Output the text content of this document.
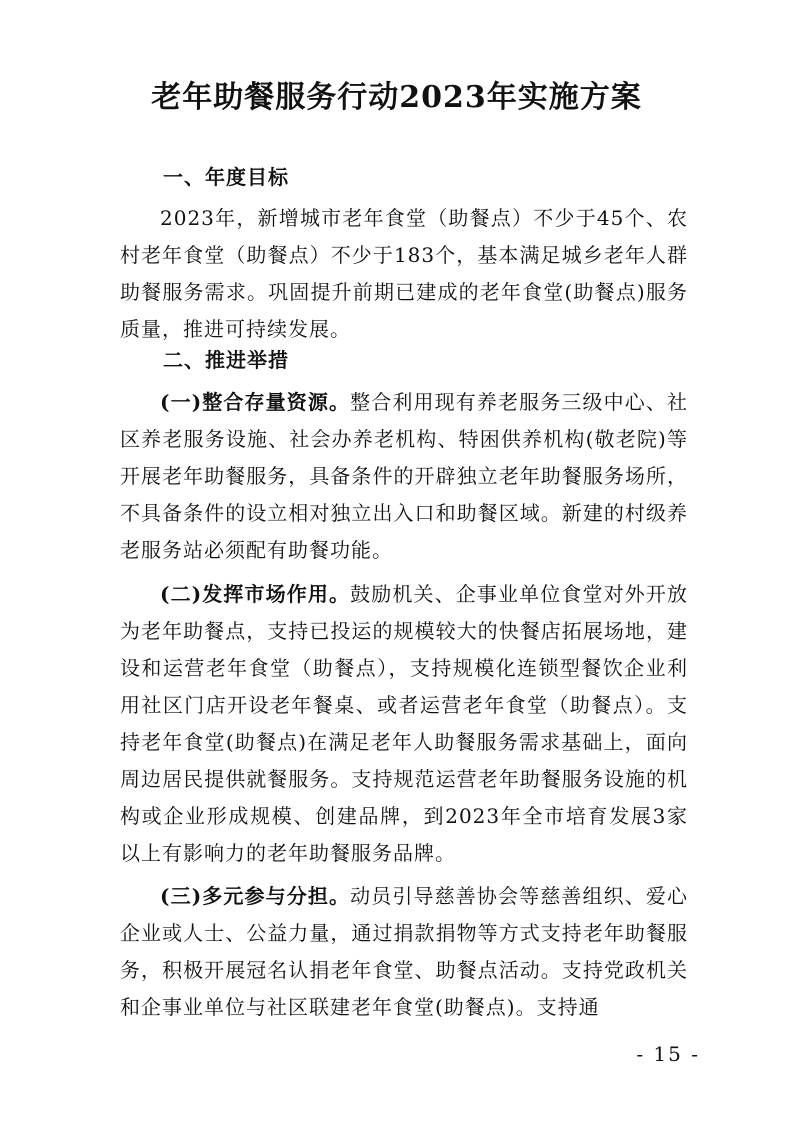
老年助餐服务行动2023年实施方案
一、年度目标

2023年，新增城市老年食堂（助餐点）不少于45个、农村老年食堂（助餐点）不少于183个，基本满足城乡老年人群助餐服务需求。巩固提升前期已建成的老年食堂(助餐点)服务质量，推进可持续发展。

二、推进举措

(一)整合存量资源。整合利用现有养老服务三级中心、社区养老服务设施、社会办养老机构、特困供养机构(敬老院)等开展老年助餐服务，具备条件的开辟独立老年助餐服务场所，不具备条件的设立相对独立出入口和助餐区域。新建的村级养老服务站必须配有助餐功能。

(二)发挥市场作用。鼓励机关、企事业单位食堂对外开放为老年助餐点，支持已投运的规模较大的快餐店拓展场地，建设和运营老年食堂（助餐点），支持规模化连锁型餐饮企业利用社区门店开设老年餐桌、或者运营老年食堂（助餐点）。支持老年食堂(助餐点)在满足老年人助餐服务需求基础上，面向周边居民提供就餐服务。支持规范运营老年助餐服务设施的机构或企业形成规模、创建品牌，到2023年全市培育发展3家以上有影响力的老年助餐服务品牌。

(三)多元参与分担。动员引导慈善协会等慈善组织、爱心企业或人士、公益力量，通过捐款捐物等方式支持老年助餐服务，积极开展冠名认捐老年食堂、助餐点活动。支持党政机关和企事业单位与社区联建老年食堂(助餐点)。支持通

- 15 -
